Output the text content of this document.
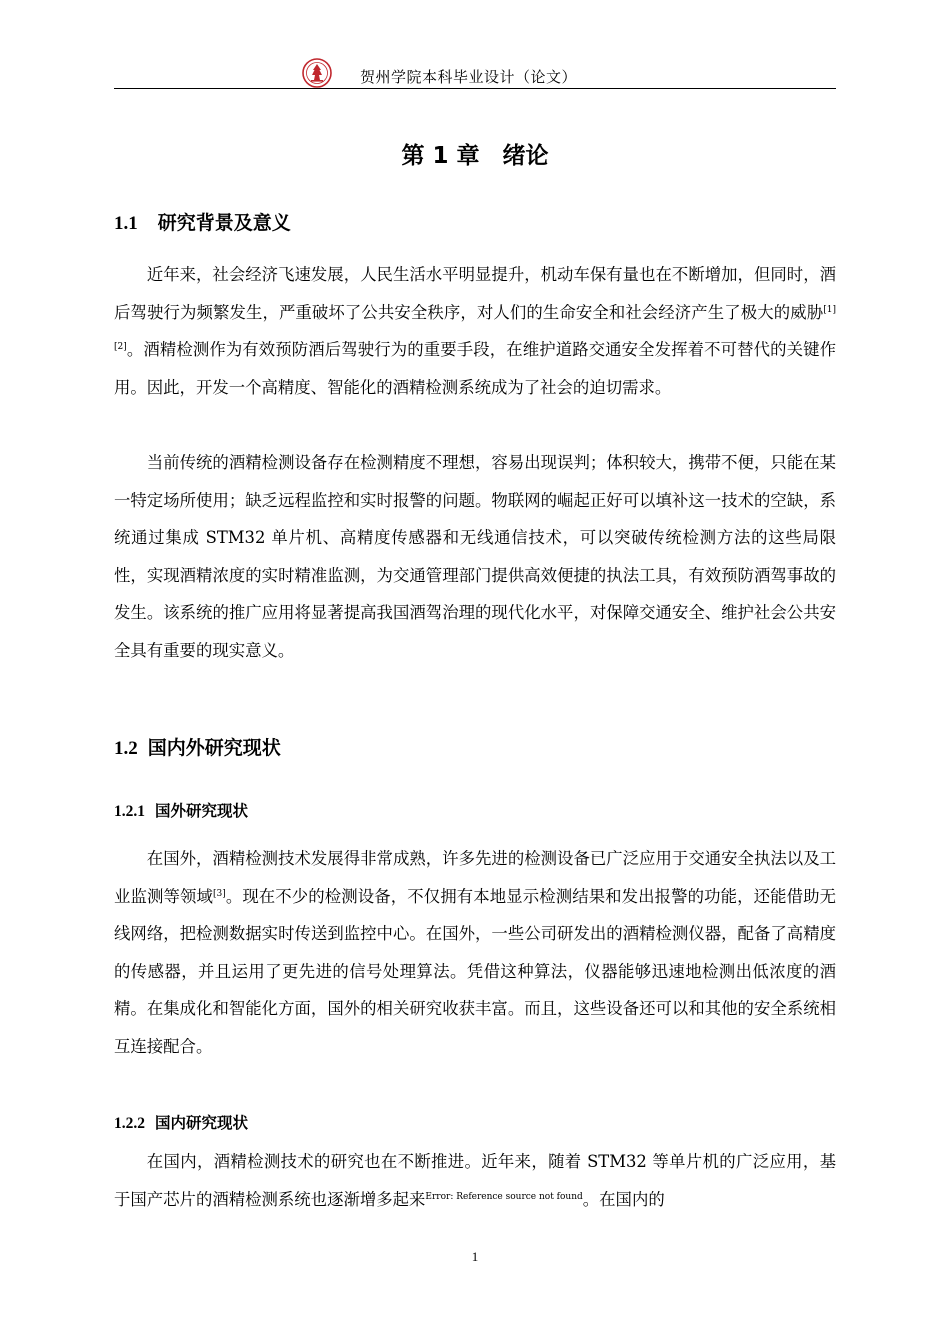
贺州学院本科毕业设计（论文）
第 1 章　绪论
1.1 研究背景及意义

近年来，社会经济飞速发展，人民生活水平明显提升，机动车保有量也在不断增加，但同时，酒后驾驶行为频繁发生，严重破坏了公共安全秩序，对人们的生命安全和社会经济产生了极大的威胁[1] [2]。酒精检测作为有效预防酒后驾驶行为的重要手段，在维护道路交通安全发挥着不可替代的关键作用。因此，开发一个高精度、智能化的酒精检测系统成为了社会的迫切需求。

当前传统的酒精检测设备存在检测精度不理想，容易出现误判；体积较大，携带不便，只能在某一特定场所使用；缺乏远程监控和实时报警的问题。物联网的崛起正好可以填补这一技术的空缺，系统通过集成 STM32 单片机、高精度传感器和无线通信技术，可以突破传统检测方法的这些局限性，实现酒精浓度的实时精准监测，为交通管理部门提供高效便捷的执法工具，有效预防酒驾事故的发生。该系统的推广应用将显著提高我国酒驾治理的现代化水平，对保障交通安全、维护社会公共安全具有重要的现实意义。

1.2 国内外研究现状
1.2.1 国外研究现状

在国外，酒精检测技术发展得非常成熟，许多先进的检测设备已广泛应用于交通安全执法以及工业监测等领域[3]。现在不少的检测设备，不仅拥有本地显示检测结果和发出报警的功能，还能借助无线网络，把检测数据实时传送到监控中心。在国外，一些公司研发出的酒精检测仪器，配备了高精度的传感器，并且运用了更先进的信号处理算法。凭借这种算法，仪器能够迅速地检测出低浓度的酒精。在集成化和智能化方面，国外的相关研究收获丰富。而且，这些设备还可以和其他的安全系统相互连接配合。

1.2.2 国内研究现状

在国内，酒精检测技术的研究也在不断推进。近年来，随着 STM32 等单片机的广泛应用，基于国产芯片的酒精检测系统也逐渐增多起来$^{Error: Reference source not found}$。在国内的

1
